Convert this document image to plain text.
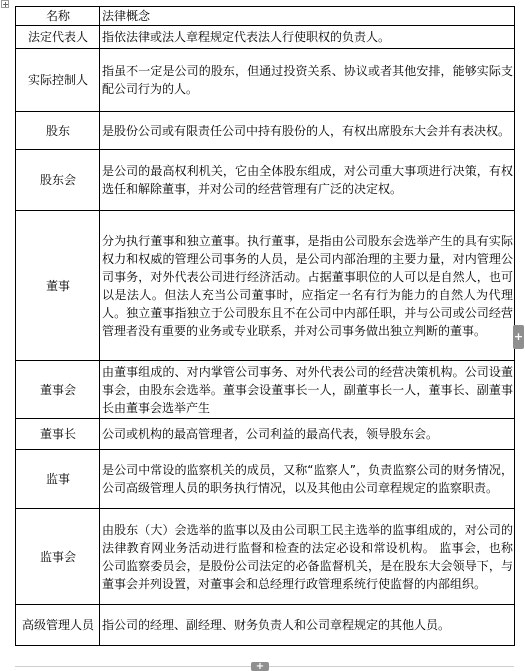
名称	法律概念
法定代表人	指依法律或法人章程规定代表法人行使职权的负责人。
实际控制人	指虽不一定是公司的股东，但通过投资关系、协议或者其他安排，能够实际支配公司行为的人。
股东	是股份公司或有限责任公司中持有股份的人，有权出席股东大会并有表决权。
股东会	是公司的最高权利机关，它由全体股东组成，对公司重大事项进行决策，有权选任和解除董事，并对公司的经营管理有广泛的决定权。
董事	分为执行董事和独立董事。执行董事，是指由公司股东会选举产生的具有实际权力和权威的管理公司事务的人员，是公司内部治理的主要力量，对内管理公司事务，对外代表公司进行经济活动。占据董事职位的人可以是自然人，也可以是法人。但法人充当公司董事时，应指定一名有行为能力的自然人为代理人。独立董事指独立于公司股东且不在公司中内部任职，并与公司或公司经营管理者没有重要的业务或专业联系，并对公司事务做出独立判断的董事。
董事会	由董事组成的、对内掌管公司事务、对外代表公司的经营决策机构。公司设董事会，由股东会选举。董事会设董事长一人，副董事长一人，董事长、副董事长由董事会选举产生
董事长	公司或机构的最高管理者，公司利益的最高代表，领导股东会。
监事	是公司中常设的监察机关的成员，又称“监察人”，负责监察公司的财务情况，公司高级管理人员的职务执行情况，以及其他由公司章程规定的监察职责。
监事会	由股东（大）会选举的监事以及由公司职工民主选举的监事组成的，对公司的法律教育网业务活动进行监督和检查的法定必设和常设机构。 监事会，也称公司监察委员会，是股份公司法定的必备监督机关，是在股东大会领导下，与董事会并列设置，对董事会和总经理行政管理系统行使监督的内部组织。
高级管理人员	指公司的经理、副经理、财务负责人和公司章程规定的其他人员。
+
+
